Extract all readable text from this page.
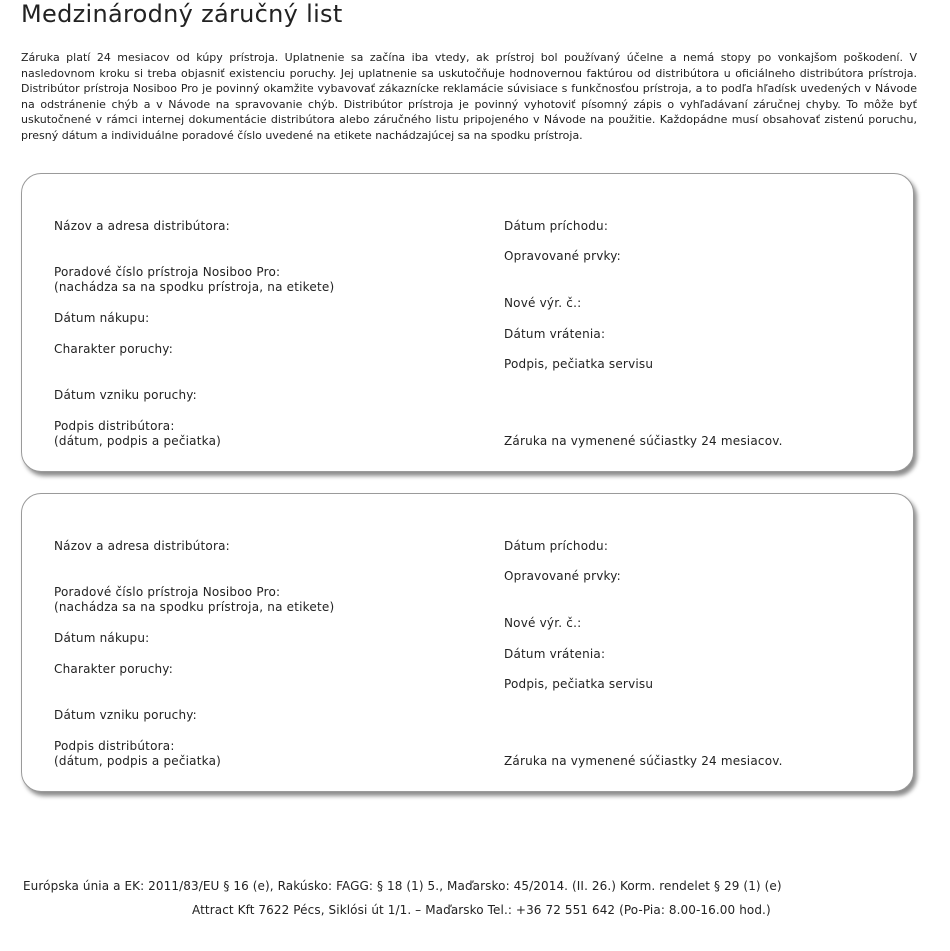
Medzinárodný záručný list
Záruka platí 24 mesiacov od kúpy prístroja. Uplatnenie sa začína iba vtedy, ak prístroj bol používaný účelne a nemá stopy po vonkajšom poškodení. V nasledovnom kroku si treba objasniť existenciu poruchy. Jej uplatnenie sa uskutočňuje hodnovernou faktúrou od distribútora u oficiálneho distribútora prístroja. Distribútor prístroja Nosiboo Pro je povinný okamžite vybavovať zákaznícke reklamácie súvisiace s funkčnosťou prístroja, a to podľa hľadísk uvedených v Návode na odstránenie chýb a v Návode na spravovanie chýb. Distribútor prístroja je povinný vyhotoviť písomný zápis o vyhľadávaní záručnej chyby. To môže byť uskutočnené v rámci internej dokumentácie distribútora alebo záručného listu pripojeného v Návode na použitie. Každopádne musí obsahovať zistenú poruchu, presný dátum a individuálne poradové číslo uvedené na etikete nachádzajúcej sa na spodku prístroja.
Názov a adresa distribútora:
Poradové číslo prístroja Nosiboo Pro:
(nachádza sa na spodku prístroja, na etikete)
Dátum nákupu:
Charakter poruchy:
Dátum vzniku poruchy:
Podpis distribútora:
(dátum, podpis a pečiatka)
Dátum príchodu:
Opravované prvky:
Nové výr. č.:
Dátum vrátenia:
Podpis, pečiatka servisu
Záruka na vymenené súčiastky 24 mesiacov.
Názov a adresa distribútora:
Poradové číslo prístroja Nosiboo Pro:
(nachádza sa na spodku prístroja, na etikete)
Dátum nákupu:
Charakter poruchy:
Dátum vzniku poruchy:
Podpis distribútora:
(dátum, podpis a pečiatka)
Dátum príchodu:
Opravované prvky:
Nové výr. č.:
Dátum vrátenia:
Podpis, pečiatka servisu
Záruka na vymenené súčiastky 24 mesiacov.
Európska únia a EK: 2011/83/EU § 16 (e), Rakúsko: FAGG: § 18 (1) 5., Maďarsko: 45/2014. (II. 26.) Korm. rendelet § 29 (1) (e)
Attract Kft 7622 Pécs, Siklósi út 1/1. – Maďarsko Tel.: +36 72 551 642 (Po-Pia: 8.00-16.00 hod.)
